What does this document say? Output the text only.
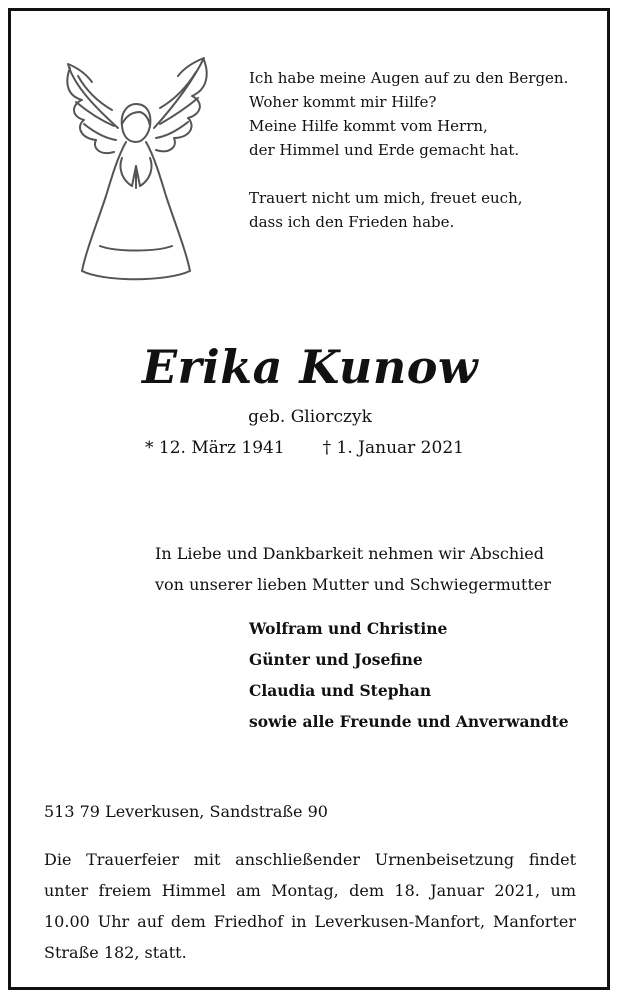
Ich habe meine Augen auf zu den Bergen.
Woher kommt mir Hilfe?
Meine Hilfe kommt vom Herrn,
der Himmel und Erde gemacht hat.
Trauert nicht um mich, freuet euch,
dass ich den Frieden habe.
Erika Kunow
geb. Gliorczyk
* 12. März 1941 † 1. Januar 2021
In Liebe und Dankbarkeit nehmen wir Abschied
von unserer lieben Mutter und Schwiegermutter
Wolfram und Christine
Günter und Josefine
Claudia und Stephan
sowie alle Freunde und Anverwandte
513 79 Leverkusen, Sandstraße 90
Die Trauerfeier mit anschließender Urnenbeisetzung findet
unter freiem Himmel am Montag, dem 18. Januar 2021, um
10.00 Uhr auf dem Friedhof in Leverkusen-Manfort, Manforter
Straße 182, statt.
